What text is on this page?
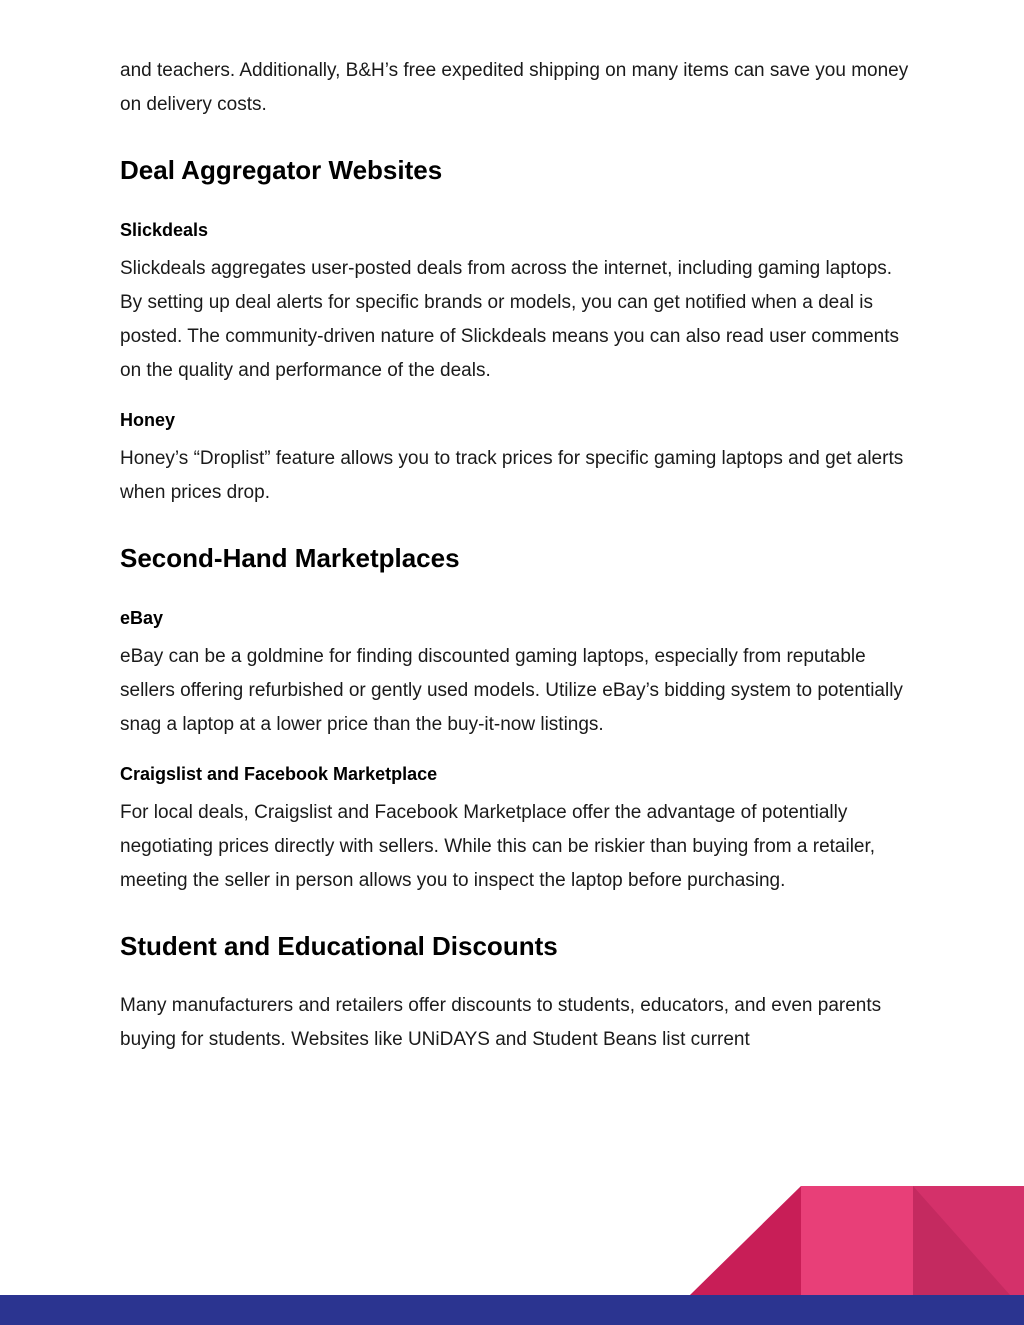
and teachers. Additionally, B&H’s free expedited shipping on many items can save you money on delivery costs.

Deal Aggregator Websites
Slickdeals

Slickdeals aggregates user-posted deals from across the internet, including gaming laptops. By setting up deal alerts for specific brands or models, you can get notified when a deal is posted. The community-driven nature of Slickdeals means you can also read user comments on the quality and performance of the deals.

Honey

Honey’s “Droplist” feature allows you to track prices for specific gaming laptops and get alerts when prices drop.

Second-Hand Marketplaces
eBay

eBay can be a goldmine for finding discounted gaming laptops, especially from reputable sellers offering refurbished or gently used models. Utilize eBay’s bidding system to potentially snag a laptop at a lower price than the buy-it-now listings.

Craigslist and Facebook Marketplace

For local deals, Craigslist and Facebook Marketplace offer the advantage of potentially negotiating prices directly with sellers. While this can be riskier than buying from a retailer, meeting the seller in person allows you to inspect the laptop before purchasing.

Student and Educational Discounts

Many manufacturers and retailers offer discounts to students, educators, and even parents buying for students. Websites like UNiDAYS and Student Beans list current
